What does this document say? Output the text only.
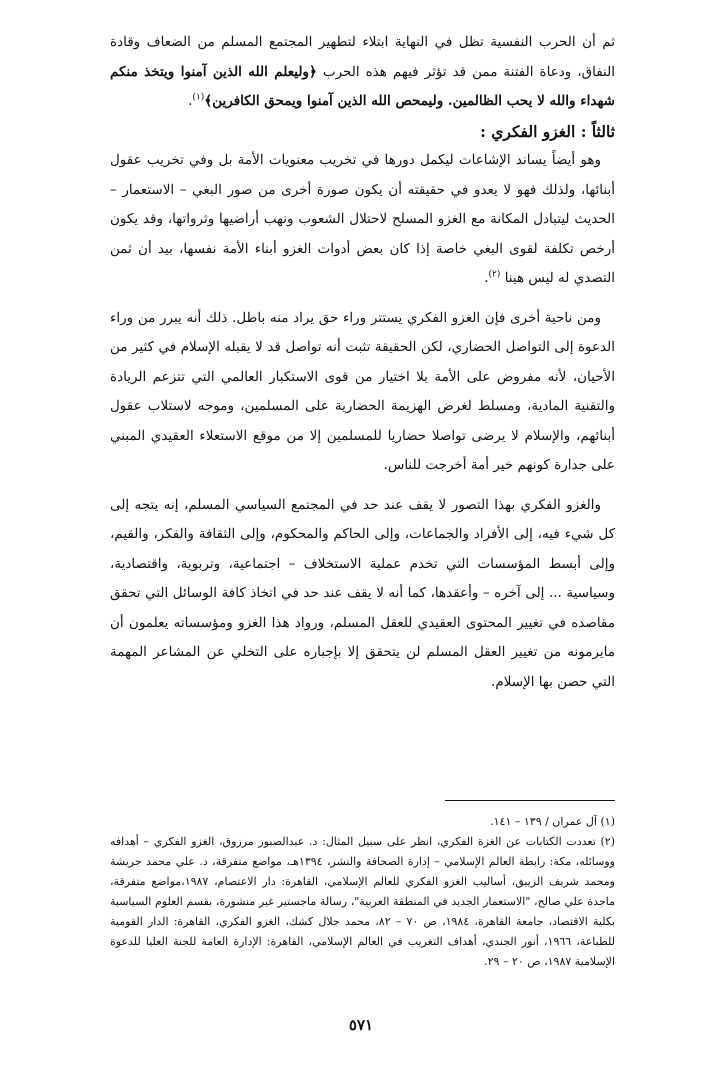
ثم أن الحرب النفسية تظل في النهاية ابتلاء لتطهير المجتمع المسلم من الضعاف وقادة النفاق، ودعاة الفتنة ممن قد تؤثر فيهم هذه الحرب ﴿وليعلم الله الذين آمنوا ويتخذ منكم شهداء والله لا يحب الظالمين. وليمحص الله الذين آمنوا ويمحق الكافرين﴾$^{(١)}$.

ثالثاً : الغزو الفكري :

وهو أيضاً يساند الإشاعات ليكمل دورها في تخريب معنويات الأمة بل وفي تخريب عقول أبنائها، ولذلك فهو لا يعدو في حقيقته أن يكون صورة أخرى من صور البغي – الاستعمار – الحديث ليتبادل المكانة مع الغزو المسلح لاحتلال الشعوب ونهب أراضيها وثرواتها، وقد يكون أرخص تكلفة لقوى البغي خاصة إذا كان بعض أدوات الغزو أبناء الأمة نفسها، بيد أن ثمن التصدي له ليس هينا $^{(٢)}$.

ومن ناحية أخرى فإن الغزو الفكري يستتر وراء حق يراد منه باطل. ذلك أنه يبرر من وراء الدعوة إلى التواصل الحضاري، لكن الحقيقة تثبت أنه تواصل قد لا يقبله الإسلام في كثير من الأحيان، لأنه مفروض على الأمة بلا اختيار من قوى الاستكبار العالمي التي تتزعم الريادة والتقنية المادية، ومسلط لغرض الهزيمة الحضارية على المسلمين، وموجه لاستلاب عقول أبنائهم، والإسلام لا يرضى تواصلا حضاريا للمسلمين إلا من موقع الاستعلاء العقيدي المبني على جدارة كونهم خير أمة أخرجت للناس.

والغزو الفكري بهذا التصور لا يقف عند حد في المجتمع السياسي المسلم، إنه يتجه إلى كل شيء فيه، إلى الأفراد والجماعات، وإلى الحاكم والمحكوم، وإلى الثقافة والفكر، والقيم، وإلى أبسط المؤسسات التي تخدم عملية الاستخلاف – اجتماعية، وتربوية، واقتصادية، وسياسية ... إلى آخره – وأعقدها، كما أنه لا يقف عند حد في اتخاذ كافة الوسائل التي تحقق مقاصده في تغيير المحتوى العقيدي للعقل المسلم، ورواد هذا الغزو ومؤسساته يعلمون أن مايرمونه من تغيير العقل المسلم لن يتحقق إلا بإجباره على التخلي عن المشاعر المهمة التي حصن بها الإسلام.

(١) آل عمران / ١٣٩ – ١٤١.

(٢) تعددت الكتابات عن الغزة الفكري، انظر على سبيل المثال: د. عبدالصبور مرزوق، الغزو الفكري – أهدافه ووسائله، مكة: رابطة العالم الإسلامي – إدارة الصحافة والنشر، ١٣٩٤هـ، مواضع متفرقة، د. علي محمد جريشة ومحمد شريف الزيبق، أساليب الغزو الفكري للعالم الإسلامي، القاهرة: دار الاعتصام، ١٩٨٧،مواضع متفرقة، ماجدة علي صالح، "الاستعمار الجديد في المنطقة العربية"، رسالة ماجستير غير منشورة، بقسم العلوم السياسية بكلية الاقتصاد، جامعة القاهرة، ١٩٨٤، ص ٧٠ – ٨٢، محمد جلال كشك، الغزو الفكري، القاهرة: الدار القومية للطباعة، ١٩٦٦، أنور الجندي، أهداف التغريب في العالم الإسلامي، القاهرة: الإدارة العامة للجنة العليا للدعوة الإسلامية ١٩٨٧، ص ٢٠ – ٢٩.

٥٧١
